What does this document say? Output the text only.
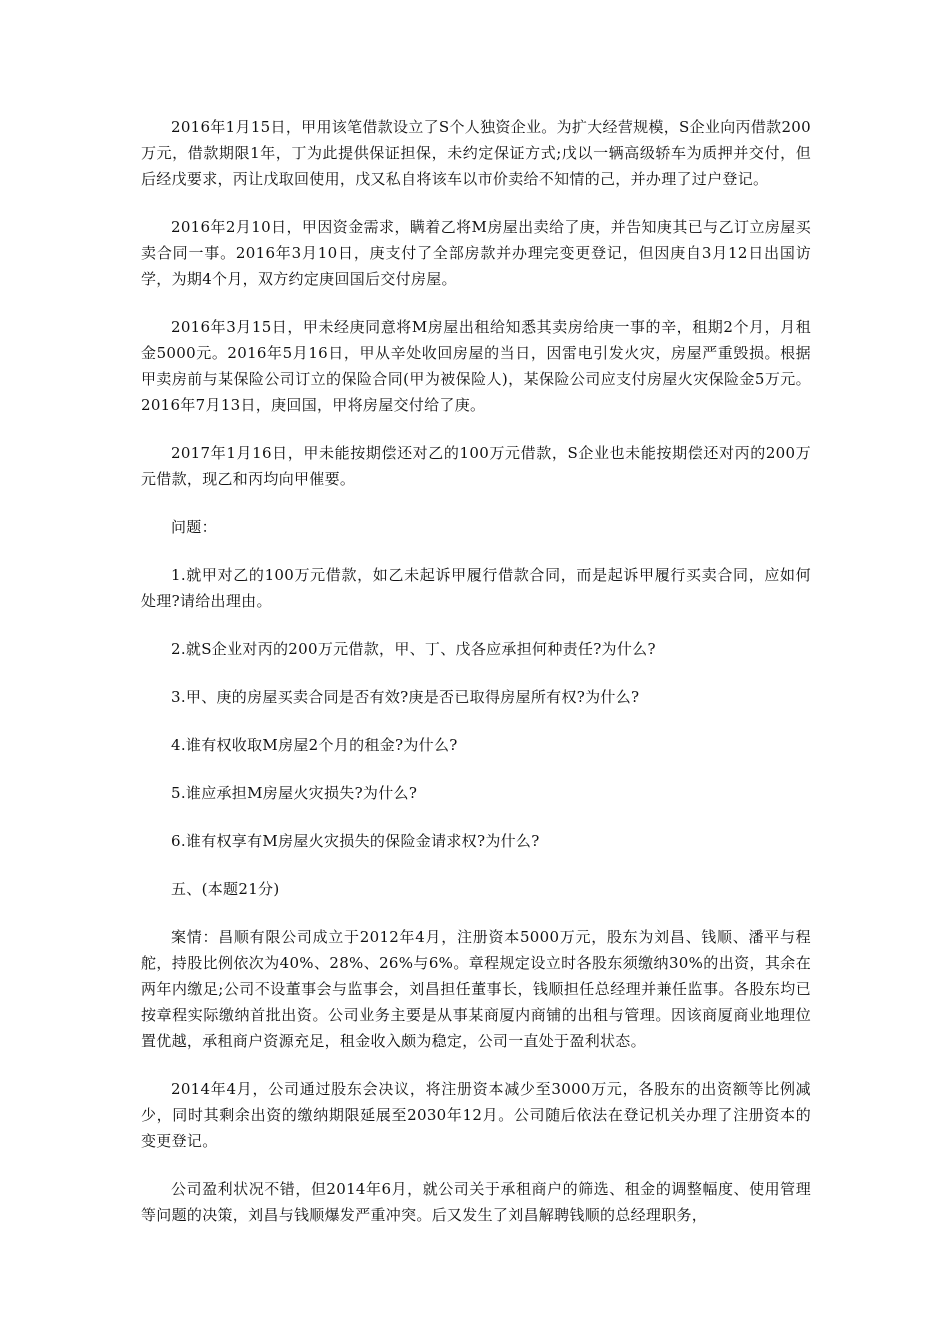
2016年1月15日，甲用该笔借款设立了S个人独资企业。为扩大经营规模，S企业向丙借款200万元，借款期限1年，丁为此提供保证担保，未约定保证方式;戊以一辆高级轿车为质押并交付，但后经戊要求，丙让戊取回使用，戊又私自将该车以市价卖给不知情的己，并办理了过户登记。

2016年2月10日，甲因资金需求，瞒着乙将M房屋出卖给了庚，并告知庚其已与乙订立房屋买卖合同一事。2016年3月10日，庚支付了全部房款并办理完变更登记，但因庚自3月12日出国访学，为期4个月，双方约定庚回国后交付房屋。

2016年3月15日，甲未经庚同意将M房屋出租给知悉其卖房给庚一事的辛，租期2个月，月租金5000元。2016年5月16日，甲从辛处收回房屋的当日，因雷电引发火灾，房屋严重毁损。根据甲卖房前与某保险公司订立的保险合同(甲为被保险人)，某保险公司应支付房屋火灾保险金5万元。2016年7月13日，庚回国，甲将房屋交付给了庚。

2017年1月16日，甲未能按期偿还对乙的100万元借款，S企业也未能按期偿还对丙的200万元借款，现乙和丙均向甲催要。

问题：

1.就甲对乙的100万元借款，如乙未起诉甲履行借款合同，而是起诉甲履行买卖合同，应如何处理?请给出理由。

2.就S企业对丙的200万元借款，甲、丁、戊各应承担何种责任?为什么?

3.甲、庚的房屋买卖合同是否有效?庚是否已取得房屋所有权?为什么?

4.谁有权收取M房屋2个月的租金?为什么?

5.谁应承担M房屋火灾损失?为什么?

6.谁有权享有M房屋火灾损失的保险金请求权?为什么?

五、(本题21分)

案情：昌顺有限公司成立于2012年4月，注册资本5000万元，股东为刘昌、钱顺、潘平与程舵，持股比例依次为40%、28%、26%与6%。章程规定设立时各股东须缴纳30%的出资，其余在两年内缴足;公司不设董事会与监事会，刘昌担任董事长，钱顺担任总经理并兼任监事。各股东均已按章程实际缴纳首批出资。公司业务主要是从事某商厦内商铺的出租与管理。因该商厦商业地理位置优越，承租商户资源充足，租金收入颇为稳定，公司一直处于盈利状态。

2014年4月，公司通过股东会决议，将注册资本减少至3000万元，各股东的出资额等比例减少，同时其剩余出资的缴纳期限延展至2030年12月。公司随后依法在登记机关办理了注册资本的变更登记。

公司盈利状况不错，但2014年6月，就公司关于承租商户的筛选、租金的调整幅度、使用管理等问题的决策，刘昌与钱顺爆发严重冲突。后又发生了刘昌解聘钱顺的总经理职务，
